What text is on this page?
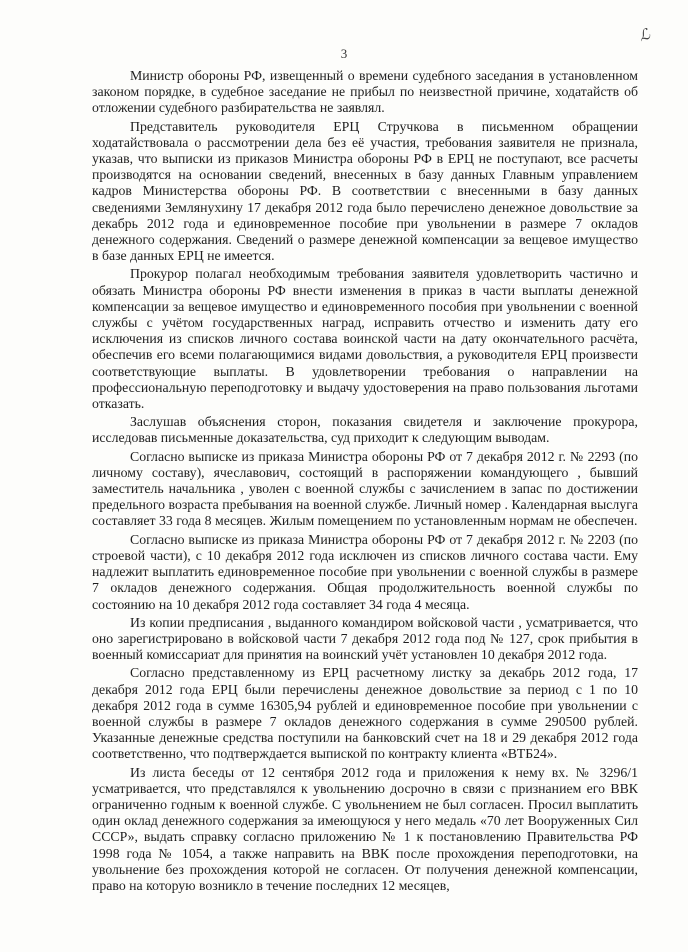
ℒ
3

Министр обороны РФ, извещенный о времени судебного заседания в установленном законом порядке, в судебное заседание не прибыл по неизвестной причине, ходатайств об отложении судебного разбирательства не заявлял.

Представитель руководителя ЕРЦ Стручкова в письменном обращении ходатайствовала о рассмотрении дела без её участия, требования заявителя не признала, указав, что выписки из приказов Министра обороны РФ в ЕРЦ не поступают, все расчеты производятся на основании сведений, внесенных в базу данных Главным управлением кадров Министерства обороны РФ. В соответствии с внесенными в базу данных сведениями Землянухину 17 декабря 2012 года было перечислено денежное довольствие за декабрь 2012 года и единовременное пособие при увольнении в размере 7 окладов денежного содержания. Сведений о размере денежной компенсации за вещевое имущество в базе данных ЕРЦ не имеется.

Прокурор полагал необходимым требования заявителя удовлетворить частично и обязать Министра обороны РФ внести изменения в приказ в части выплаты денежной компенсации за вещевое имущество и единовременного пособия при увольнении с военной службы с учётом государственных наград, исправить отчество и изменить дату его исключения из списков личного состава воинской части на дату окончательного расчёта, обеспечив его всеми полагающимися видами довольствия, а руководителя ЕРЦ произвести соответствующие выплаты. В удовлетворении требования о направлении на профессиональную переподготовку и выдачу удостоверения на право пользования льготами отказать.

Заслушав объяснения сторон, показания свидетеля и заключение прокурора, исследовав письменные доказательства, суд приходит к следующим выводам.

Согласно выписке из приказа Министра обороны РФ от 7 декабря 2012 г. № 2293 (по личному составу), ячеславович, состоящий в распоряжении командующего , бывший заместитель начальника , уволен с военной службы с зачислением в запас по достижении предельного возраста пребывания на военной службе. Личный номер . Календарная выслуга составляет 33 года 8 месяцев. Жилым помещением по установленным нормам не обеспечен.

Согласно выписке из приказа Министра обороны РФ от 7 декабря 2012 г. № 2203 (по строевой части), с 10 декабря 2012 года исключен из списков личного состава части. Ему надлежит выплатить единовременное пособие при увольнении с военной службы в размере 7 окладов денежного содержания. Общая продолжительность военной службы по состоянию на 10 декабря 2012 года составляет 34 года 4 месяца.

Из копии предписания , выданного командиром войсковой части , усматривается, что оно зарегистрировано в войсковой части 7 декабря 2012 года под № 127, срок прибытия в военный комиссариат для принятия на воинский учёт установлен 10 декабря 2012 года.

Согласно представленному из ЕРЦ расчетному листку за декабрь 2012 года, 17 декабря 2012 года ЕРЦ были перечислены денежное довольствие за период с 1 по 10 декабря 2012 года в сумме 16305,94 рублей и единовременное пособие при увольнении с военной службы в размере 7 окладов денежного содержания в сумме 290500 рублей. Указанные денежные средства поступили на банковский счет на 18 и 29 декабря 2012 года соответственно, что подтверждается выпиской по контракту клиента «ВТБ24».

Из листа беседы от 12 сентября 2012 года и приложения к нему вх. № 3296/1 усматривается, что представлялся к увольнению досрочно в связи с признанием его ВВК ограниченно годным к военной службе. С увольнением не был согласен. Просил выплатить один оклад денежного содержания за имеющуюся у него медаль «70 лет Вооруженных Сил СССР», выдать справку согласно приложению № 1 к постановлению Правительства РФ 1998 года № 1054, а также направить на ВВК после прохождения переподготовки, на увольнение без прохождения которой не согласен. От получения денежной компенсации, право на которую возникло в течение последних 12 месяцев,
